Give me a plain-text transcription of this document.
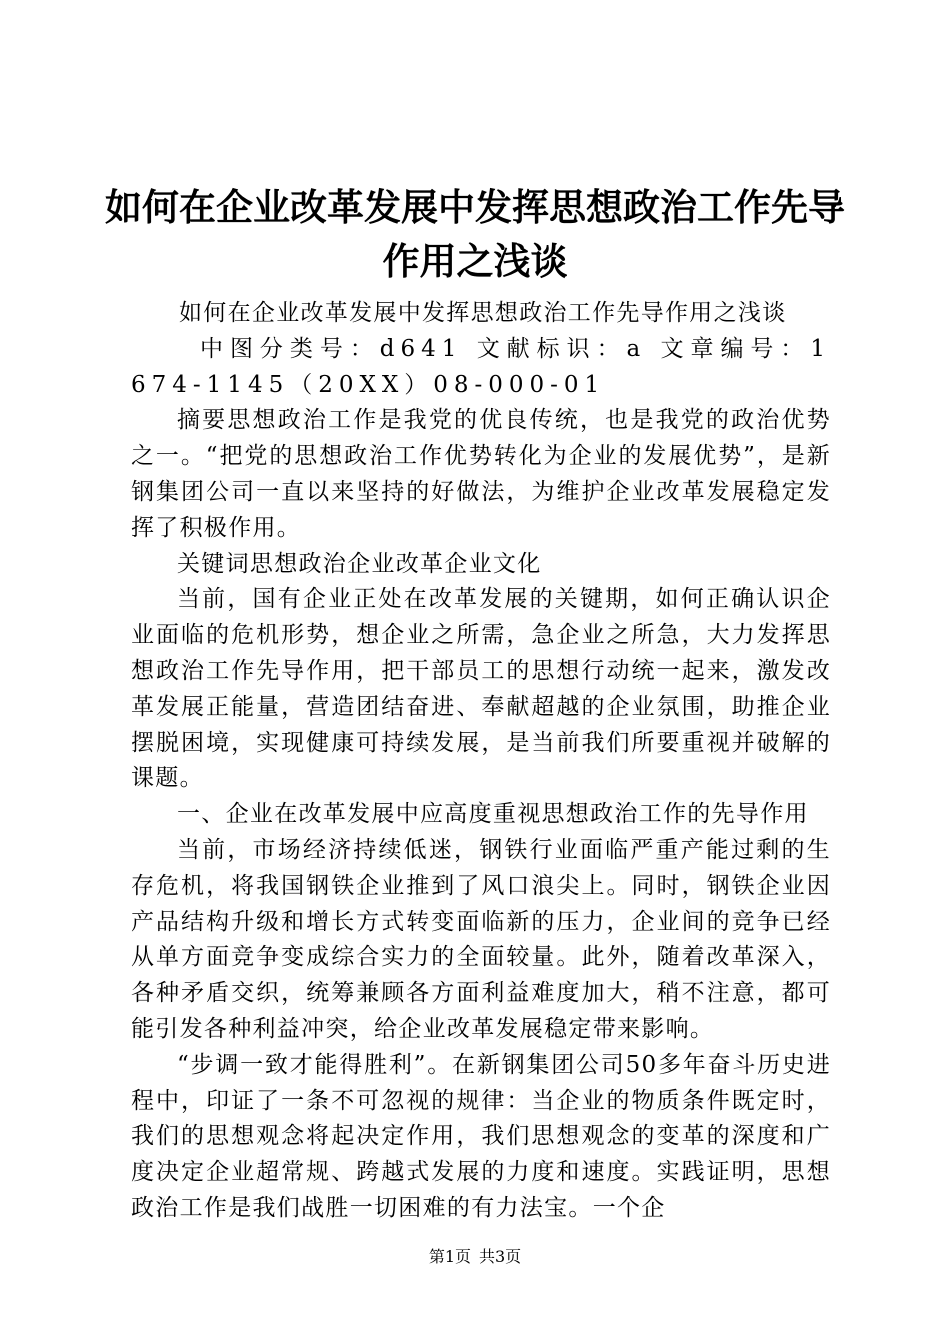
如何在企业改革发展中发挥思想政治工作先导
作用之浅谈

如何在企业改革发展中发挥思想政治工作先导作用之浅谈

中图分类号：d641 文献标识：a 文章编号：1674-1145（20XX）08-000-01

摘要思想政治工作是我党的优良传统，也是我党的政治优势之一。“把党的思想政治工作优势转化为企业的发展优势”，是新钢集团公司一直以来坚持的好做法，为维护企业改革发展稳定发挥了积极作用。

关键词思想政治企业改革企业文化

当前，国有企业正处在改革发展的关键期，如何正确认识企业面临的危机形势，想企业之所需，急企业之所急，大力发挥思想政治工作先导作用，把干部员工的思想行动统一起来，激发改革发展正能量，营造团结奋进、奉献超越的企业氛围，助推企业摆脱困境，实现健康可持续发展，是当前我们所要重视并破解的课题。

一、企业在改革发展中应高度重视思想政治工作的先导作用

当前，市场经济持续低迷，钢铁行业面临严重产能过剩的生存危机，将我国钢铁企业推到了风口浪尖上。同时，钢铁企业因产品结构升级和增长方式转变面临新的压力，企业间的竞争已经从单方面竞争变成综合实力的全面较量。此外，随着改革深入，各种矛盾交织，统筹兼顾各方面利益难度加大，稍不注意，都可能引发各种利益冲突，给企业改革发展稳定带来影响。

“步调一致才能得胜利”。在新钢集团公司50多年奋斗历史进程中，印证了一条不可忽视的规律：当企业的物质条件既定时，我们的思想观念将起决定作用，我们思想观念的变革的深度和广度决定企业超常规、跨越式发展的力度和速度。实践证明，思想政治工作是我们战胜一切困难的有力法宝。一个企

第1页 共3页
